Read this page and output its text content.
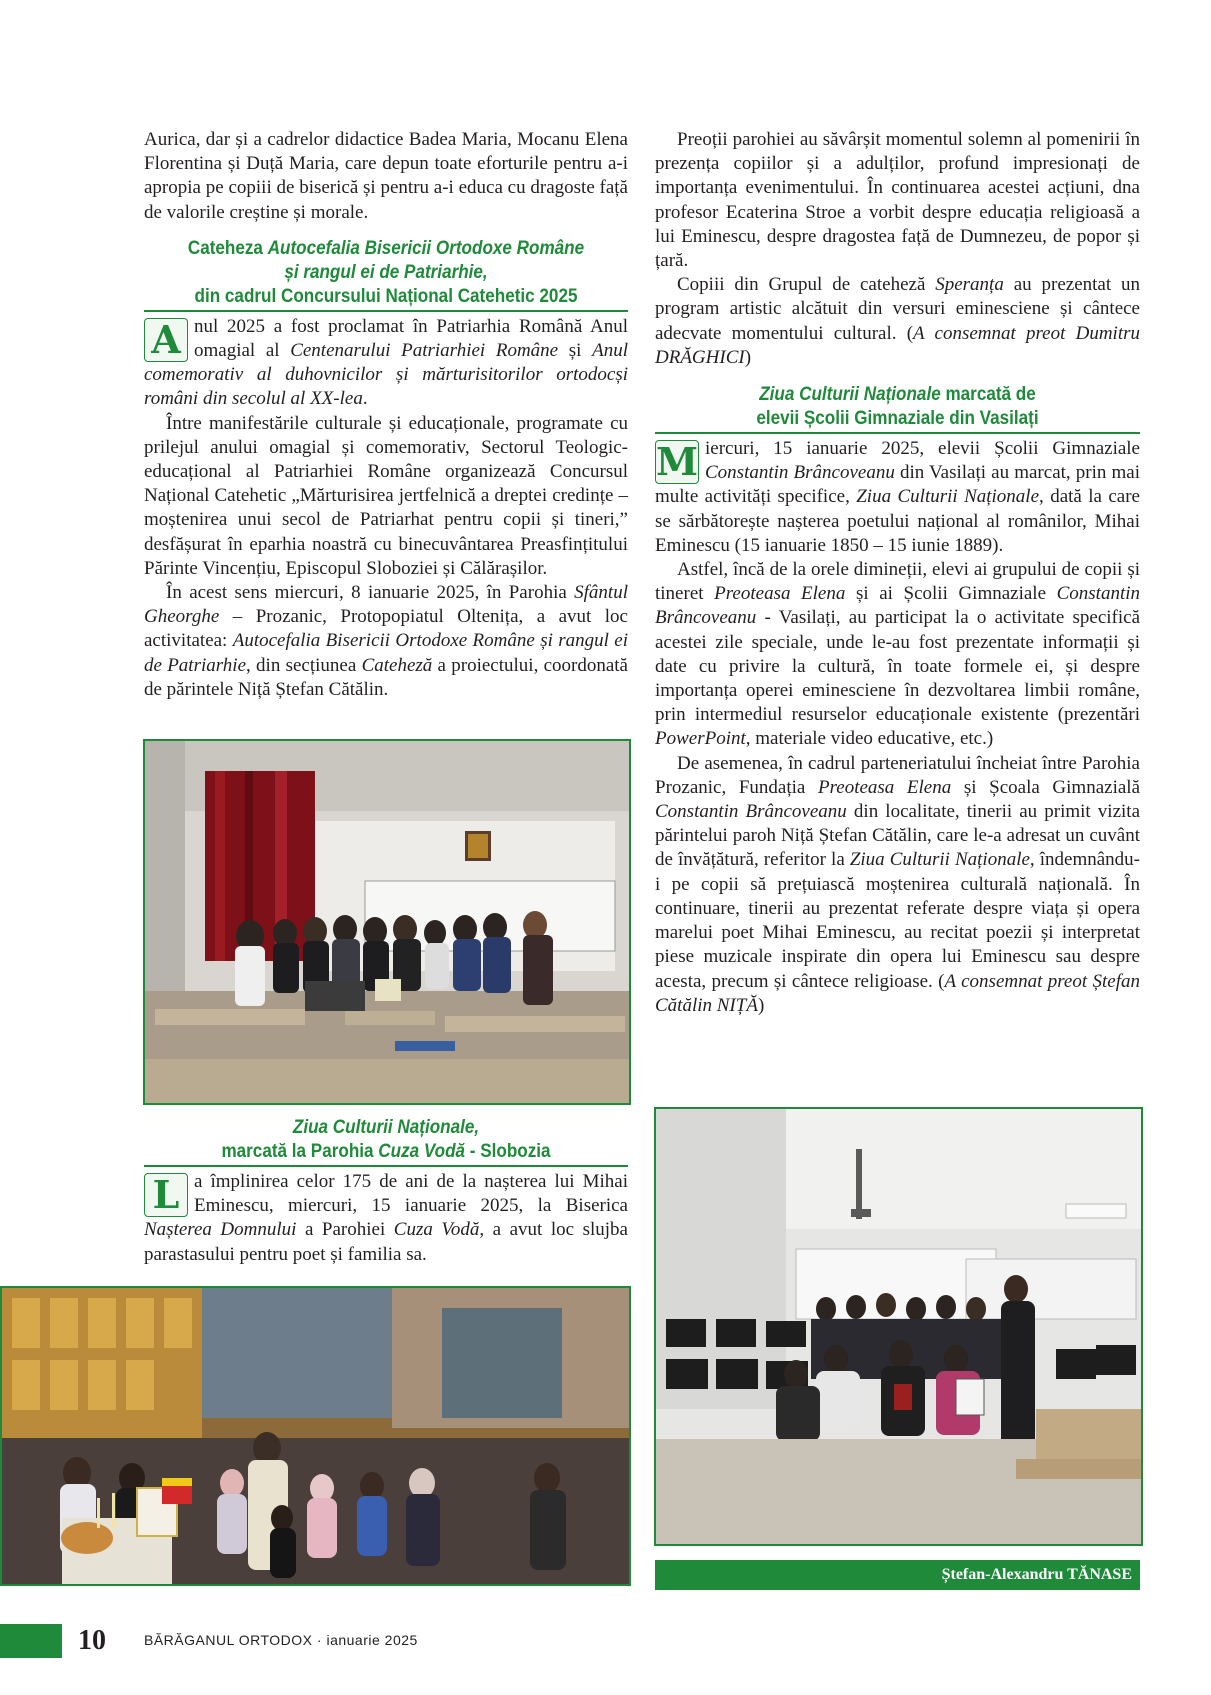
Aurica, dar și a cadrelor didactice Badea Maria, Mocanu Elena Florentina și Duță Maria, care depun toate eforturile pentru a-i apropia pe copiii de biserică și pentru a-i educa cu dragoste față de valorile creștine și morale.

Cateheza Autocefalia Bisericii Ortodoxe Române
și rangul ei de Patriarhie,
din cadrul Concursului Național Catehetic 2025

A nul 2025 a fost proclamat în Patriarhia Română Anul omagial al Centenarului Patriarhiei Române și Anul comemorativ al duhovnicilor și mărturisitorilor ortodocși români din secolul al XX-lea.

Între manifestările culturale și educaționale, programate cu prilejul anului omagial și comemorativ, Sectorul Teologic-educațional al Patriarhiei Române organizează Concursul Național Catehetic „Mărturisirea jertfelnică a dreptei credințe – moștenirea unui secol de Patriarhat pentru copii și tineri,” desfășurat în eparhia noastră cu binecuvântarea Preasfințitului Părinte Vincențiu, Episcopul Sloboziei și Călărașilor.

În acest sens miercuri, 8 ianuarie 2025, în Parohia Sfântul Gheorghe – Prozanic, Protopopiatul Oltenița, a avut loc activitatea: Autocefalia Bisericii Ortodoxe Române și rangul ei de Patriarhie, din secțiunea Cateheză a proiectului, coordonată de părintele Niță Ștefan Cătălin.

Ziua Culturii Naționale,
marcată la Parohia Cuza Vodă - Slobozia

L a împlinirea celor 175 de ani de la nașterea lui Mihai Eminescu, miercuri, 15 ianuarie 2025, la Biserica Nașterea Domnului a Parohiei Cuza Vodă, a avut loc slujba parastasului pentru poet și familia sa.

Preoții parohiei au săvârșit momentul solemn al pomenirii în prezența copiilor și a adulților, profund impresionați de importanța evenimentului. În continuarea acestei acțiuni, dna profesor Ecaterina Stroe a vorbit despre educația religioasă a lui Eminescu, despre dragostea față de Dumnezeu, de popor și țară.

Copiii din Grupul de cateheză Speranța au prezentat un program artistic alcătuit din versuri eminesciene și cântece adecvate momentului cultural. (A consemnat preot Dumitru DRĂGHICI)

Ziua Culturii Naționale marcată de
elevii Școlii Gimnaziale din Vasilați

M iercuri, 15 ianuarie 2025, elevii Școlii Gimnaziale Constantin Brâncoveanu din Vasilați au marcat, prin mai multe activități specifice, Ziua Culturii Naționale, dată la care se sărbătorește nașterea poetului național al românilor, Mihai Eminescu (15 ianuarie 1850 – 15 iunie 1889).

Astfel, încă de la orele dimineții, elevi ai grupului de copii și tineret Preoteasa Elena și ai Școlii Gimnaziale Constantin Brâncoveanu - Vasilați, au participat la o activitate specifică acestei zile speciale, unde le-au fost prezentate informații și date cu privire la cultură, în toate formele ei, și despre importanța operei eminesciene în dezvoltarea limbii române, prin intermediul resurselor educaționale existente (prezentări PowerPoint, materiale video educative, etc.)

De asemenea, în cadrul parteneriatului încheiat între Parohia Prozanic, Fundația Preoteasa Elena și Școala Gimnazială Constantin Brâncoveanu din localitate, tinerii au primit vizita părintelui paroh Niță Ștefan Cătălin, care le-a adresat un cuvânt de învățătură, referitor la Ziua Culturii Naționale, îndemnându-i pe copii să prețuiască moștenirea culturală națională. În continuare, tinerii au prezentat referate despre viața și opera marelui poet Mihai Eminescu, au recitat poezii și interpretat piese muzicale inspirate din opera lui Eminescu sau despre acesta, precum și cântece religioase. (A consemnat preot Ștefan Cătălin NIȚĂ)

Ștefan-Alexandru TĂNASE
10	BĂRĂGANUL ORTODOX · ianuarie 2025
